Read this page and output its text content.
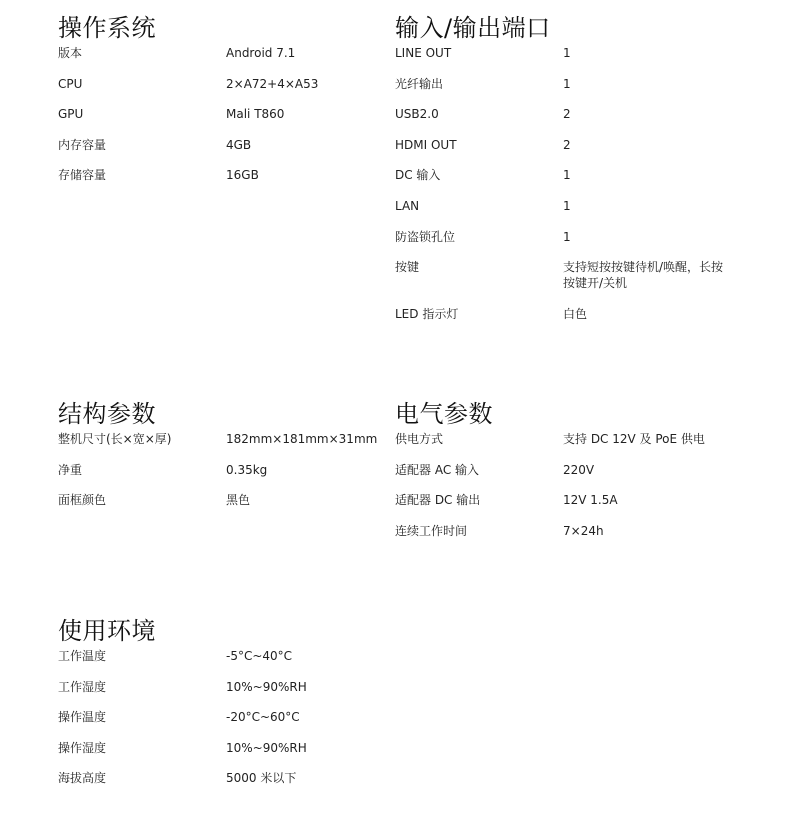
操作系统
版本	Android 7.1
CPU	2×A72+4×A53
GPU	Mali T860
内存容量	4GB
存储容量	16GB
输入/输出端口
LINE OUT	1
光纤输出	1
USB2.0	2
HDMI OUT	2
DC 输入	1
LAN	1
防盗锁孔位	1
按键	支持短按按键待机/唤醒，长按按键开/关机
LED 指示灯	白色
结构参数
整机尺寸(长×宽×厚)	182mm×181mm×31mm
净重	0.35kg
面框颜色	黑色
电气参数
供电方式	支持 DC 12V 及 PoE 供电
适配器 AC 输入	220V
适配器 DC 输出	12V 1.5A
连续工作时间	7×24h
使用环境
工作温度	-5°C~40°C
工作湿度	10%~90%RH
操作温度	-20°C~60°C
操作湿度	10%~90%RH
海拔高度	5000 米以下
